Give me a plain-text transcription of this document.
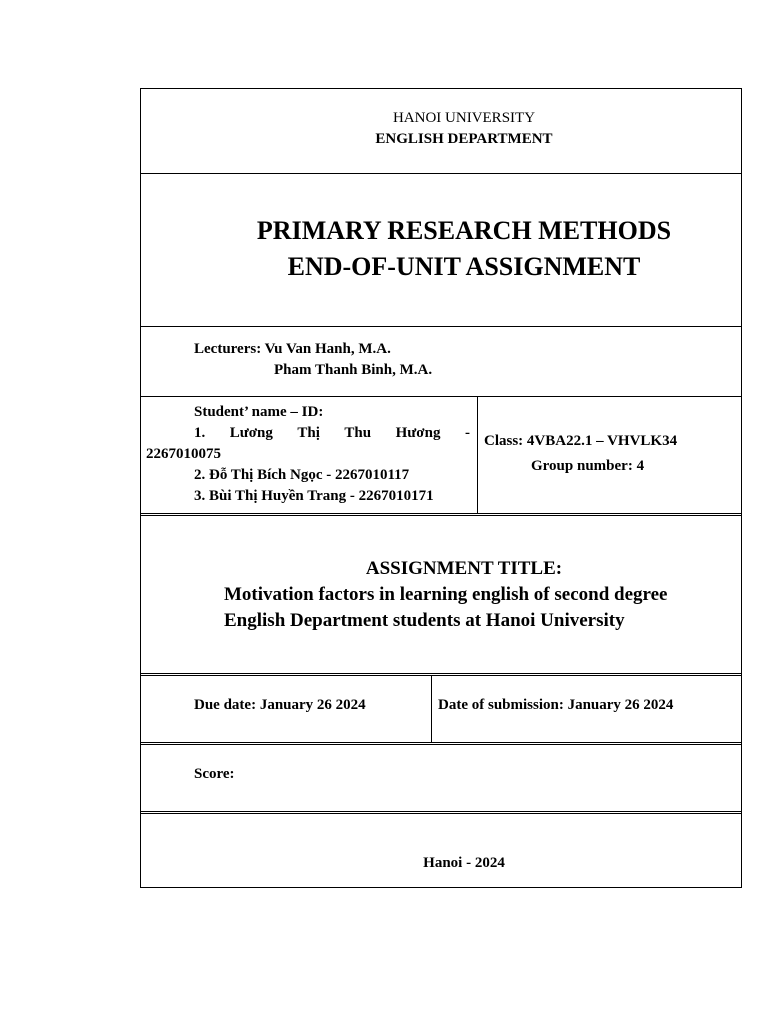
HANOI UNIVERSITY
ENGLISH DEPARTMENT
PRIMARY RESEARCH METHODS
END-OF-UNIT ASSIGNMENT
Lecturers: Vu Van Hanh, M.A.
Pham Thanh Binh, M.A.
Student’ name – ID:
1. Lương Thị Thu Hương -
2267010075
2. Đỗ Thị Bích Ngọc - 2267010117
3. Bùi Thị Huyền Trang - 2267010171
Class: 4VBA22.1 – VHVLK34
Group number: 4
ASSIGNMENT TITLE:
Motivation factors in learning english of second degree
English Department students at Hanoi University
Due date: January 26 2024	Date of submission: January 26 2024
Score:
Hanoi - 2024
